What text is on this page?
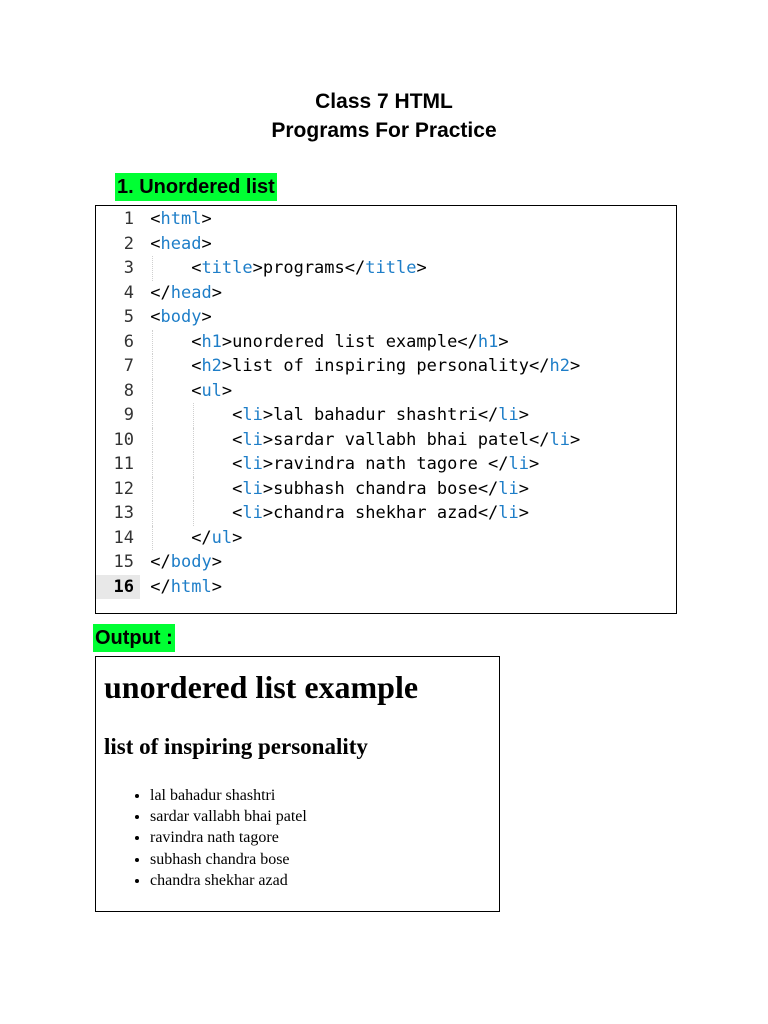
Class 7 HTML
Programs For Practice
1. Unordered list
1 <html>
2 <head>
3	<title>programs</title>
4 </head>
5 <body>
6	<h1>unordered list example</h1>
7	<h2>list of inspiring personality</h2>
8	<ul>
9	<li>lal bahadur shashtri</li>
10	<li>sardar vallabh bhai patel</li>
11	<li>ravindra nath tagore </li>
12	<li>subhash chandra bose</li>
13	<li>chandra shekhar azad</li>
14	</ul>
15 </body>
16 </html>
Output :
unordered list example
list of inspiring personality
• lal bahadur shashtri
• sardar vallabh bhai patel
• ravindra nath tagore
• subhash chandra bose
• chandra shekhar azad
